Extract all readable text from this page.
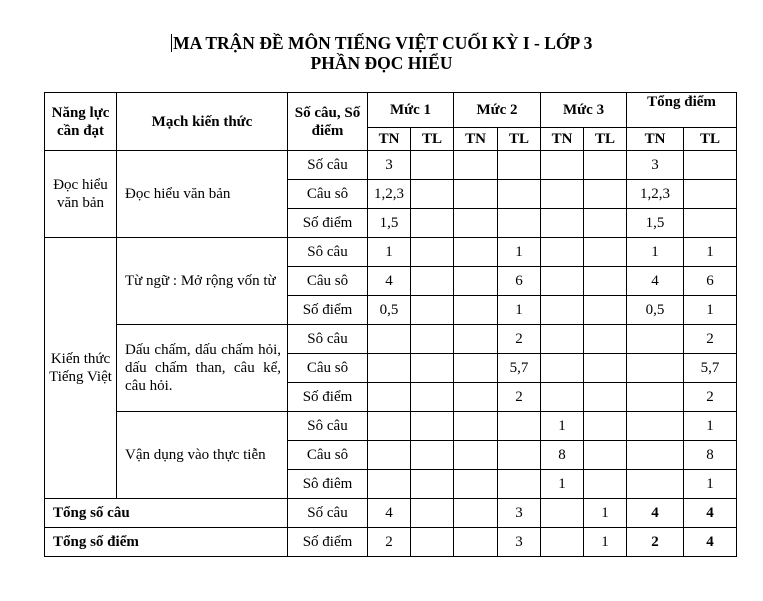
MA TRẬN ĐỀ MÔN TIẾNG VIỆT CUỐI KỲ I - LỚP 3
PHẦN ĐỌC HIỂU
Năng lực cần đạt	Mạch kiến thức	Số câu, Số điểm	Mức 1		Mức 2		Mức 3		Tổng điểm	
			TN	TL	TN	TL	TN	TL	TN	TL
Đọc hiểu văn bản	Đọc hiểu văn bản	Số câu	3						3	
		Câu sô	1,2,3						1,2,3	
		Số điểm	1,5						1,5	
Kiến thức Tiếng Việt	Từ ngữ : Mở rộng vốn từ	Sô câu	1			1			1	1
		Câu sô	4			6			4	6
		Số điểm	0,5			1			0,5	1
	Dấu chấm, dấu chấm hỏi, dấu chấm than, câu kể, câu hỏi.	Sô câu				2				2
		Câu sô				5,7				5,7
		Số điểm				2				2
	Vận dụng vào thực tiễn	Sô câu					1			1
		Câu sô					8			8
		Sô điêm					1			1
Tổng số câu		Số câu	4			3		1	4	4
Tổng số điểm		Số điểm	2			3		1	2	4
